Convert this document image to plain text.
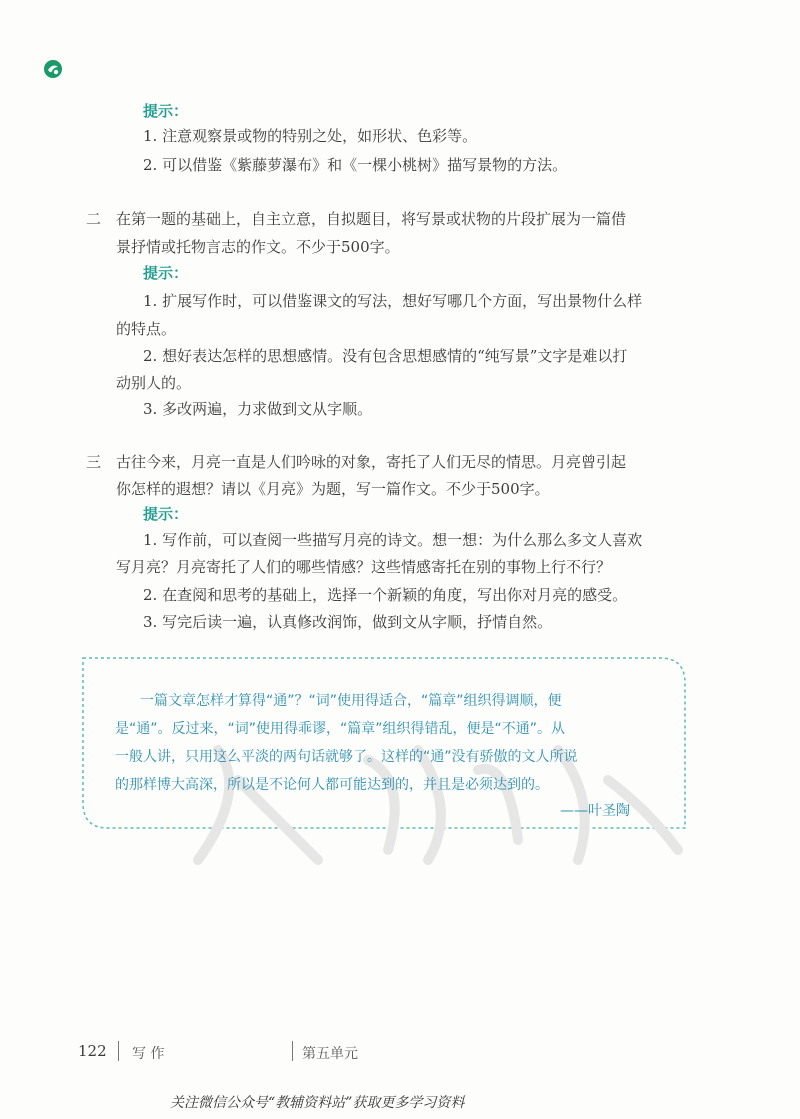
提示：
1. 注意观察景或物的特别之处，如形状、色彩等。
2. 可以借鉴《紫藤萝瀑布》和《一棵小桃树》描写景物的方法。
二 在第一题的基础上，自主立意，自拟题目，将写景或状物的片段扩展为一篇借
景抒情或托物言志的作文。不少于500字。
提示：
1. 扩展写作时，可以借鉴课文的写法，想好写哪几个方面，写出景物什么样
的特点。
2. 想好表达怎样的思想感情。没有包含思想感情的“纯写景”文字是难以打
动别人的。
3. 多改两遍，力求做到文从字顺。
三 古往今来，月亮一直是人们吟咏的对象，寄托了人们无尽的情思。月亮曾引起
你怎样的遐想？请以《月亮》为题，写一篇作文。不少于500字。
提示：
1. 写作前，可以查阅一些描写月亮的诗文。想一想：为什么那么多文人喜欢
写月亮？月亮寄托了人们的哪些情感？这些情感寄托在别的事物上行不行？
2. 在查阅和思考的基础上，选择一个新颖的角度，写出你对月亮的感受。
3. 写完后读一遍，认真修改润饰，做到文从字顺，抒情自然。
一篇文章怎样才算得“通”？“词”使用得适合，“篇章”组织得调顺，便
是“通”。反过来，“词”使用得乖谬，“篇章”组织得错乱，便是“不通”。从
一般人讲，只用这么平淡的两句话就够了。这样的“通”没有骄傲的文人所说
的那样博大高深，所以是不论何人都可能达到的，并且是必须达到的。
——叶圣陶
122 写 作	第五单元
关注微信公众号“教辅资料站”获取更多学习资料
